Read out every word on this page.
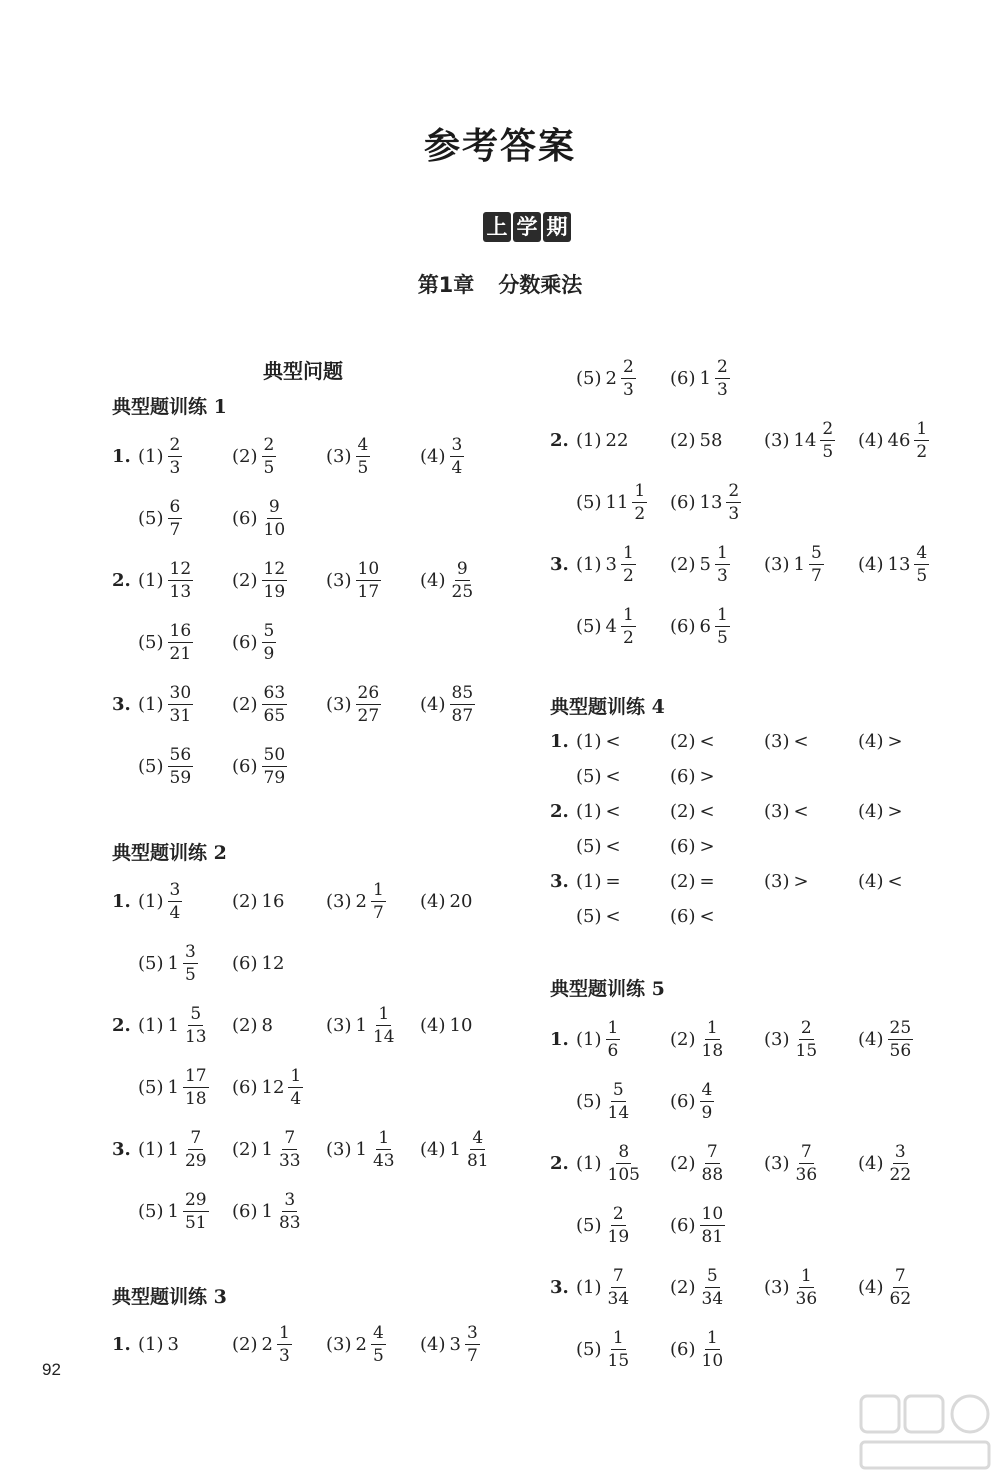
参考答案
上 学 期
第1章 分数乘法
典型问题
典型题训练 1
1. $(1) \frac{2}{3}$	$(2) \frac{2}{5}$	$(3) \frac{4}{5}$	$(4) \frac{3}{4}$
$(5) \frac{6}{7}$	$(6) \frac{9}{10}$
2. $(1) \frac{12}{13} (2) \frac{12}{19} (3) \frac{10}{17} (4) \frac{9}{25}$
$(5) \frac{16}{21} (6) \frac{5}{9}$
3. $(1) \frac{30}{31} (2) \frac{63}{65} (3) \frac{26}{27} (4) \frac{85}{87}$
$(5) \frac{56}{59} (6) \frac{50}{79}$
典型题训练 2
1. $(1) \frac{3}{4}$	(2) 16 (3) $2 \frac{1}{7} (4)$ 20
(5) $1 \frac{3}{5} (6)$ 12
2. (1) $1 \frac{5}{13} (2)$ 8	(3) $1 \frac{1}{14} (4)$ 10
(5) $1 \frac{17}{18} (6)$ $12 \frac{1}{4}$
3. (1) $1 \frac{7}{29} (2)$ $1 \frac{7}{33} (3)$ $1 \frac{1}{43} (4)$ $1 \frac{4}{81}$
(5) $1 \frac{29}{51} (6)$ $1 \frac{3}{83}$
典型题训练 3
1. (1) 3	(2) $2 \frac{1}{3} (3)$ $2 \frac{4}{5} (4)$ $3 \frac{3}{7}$
(5) $2 \frac{2}{3} (6)$ $1 \frac{2}{3}$
2. (1) 22 (2) 58 (3) $14 \frac{2}{5} (4)$ $46 \frac{1}{2}$
(5) $11 \frac{1}{2} (6)$ $13 \frac{2}{3}$
3. (1) $3 \frac{1}{2} (2)$ $5 \frac{1}{3} (3)$ $1 \frac{5}{7} (4)$ $13 \frac{4}{5}$
(5) $4 \frac{1}{2} (6)$ $6 \frac{1}{5}$
典型题训练 4
1. (1) <	(2) <	(3) <	(4) >
(5) <	(6) >
2. (1) <	(2) <	(3) <	(4) >
(5) <	(6) >
3. (1) =	(2) =	(3) >	(4) <
(5) <	(6) <
典型题训练 5
1. $(1) \frac{1}{6}$	$(2) \frac{1}{18} (3) \frac{2}{15} (4) \frac{25}{56}$
$(5) \frac{5}{14} (6) \frac{4}{9}$
2. $(1) \frac{8}{105} (2) \frac{7}{88} (3) \frac{7}{36} (4) \frac{3}{22}$
$(5) \frac{2}{19} (6) \frac{10}{81}$
3. $(1) \frac{7}{34} (2) \frac{5}{34} (3) \frac{1}{36} (4) \frac{7}{62}$
$(5) \frac{1}{15} (6) \frac{1}{10}$
92
